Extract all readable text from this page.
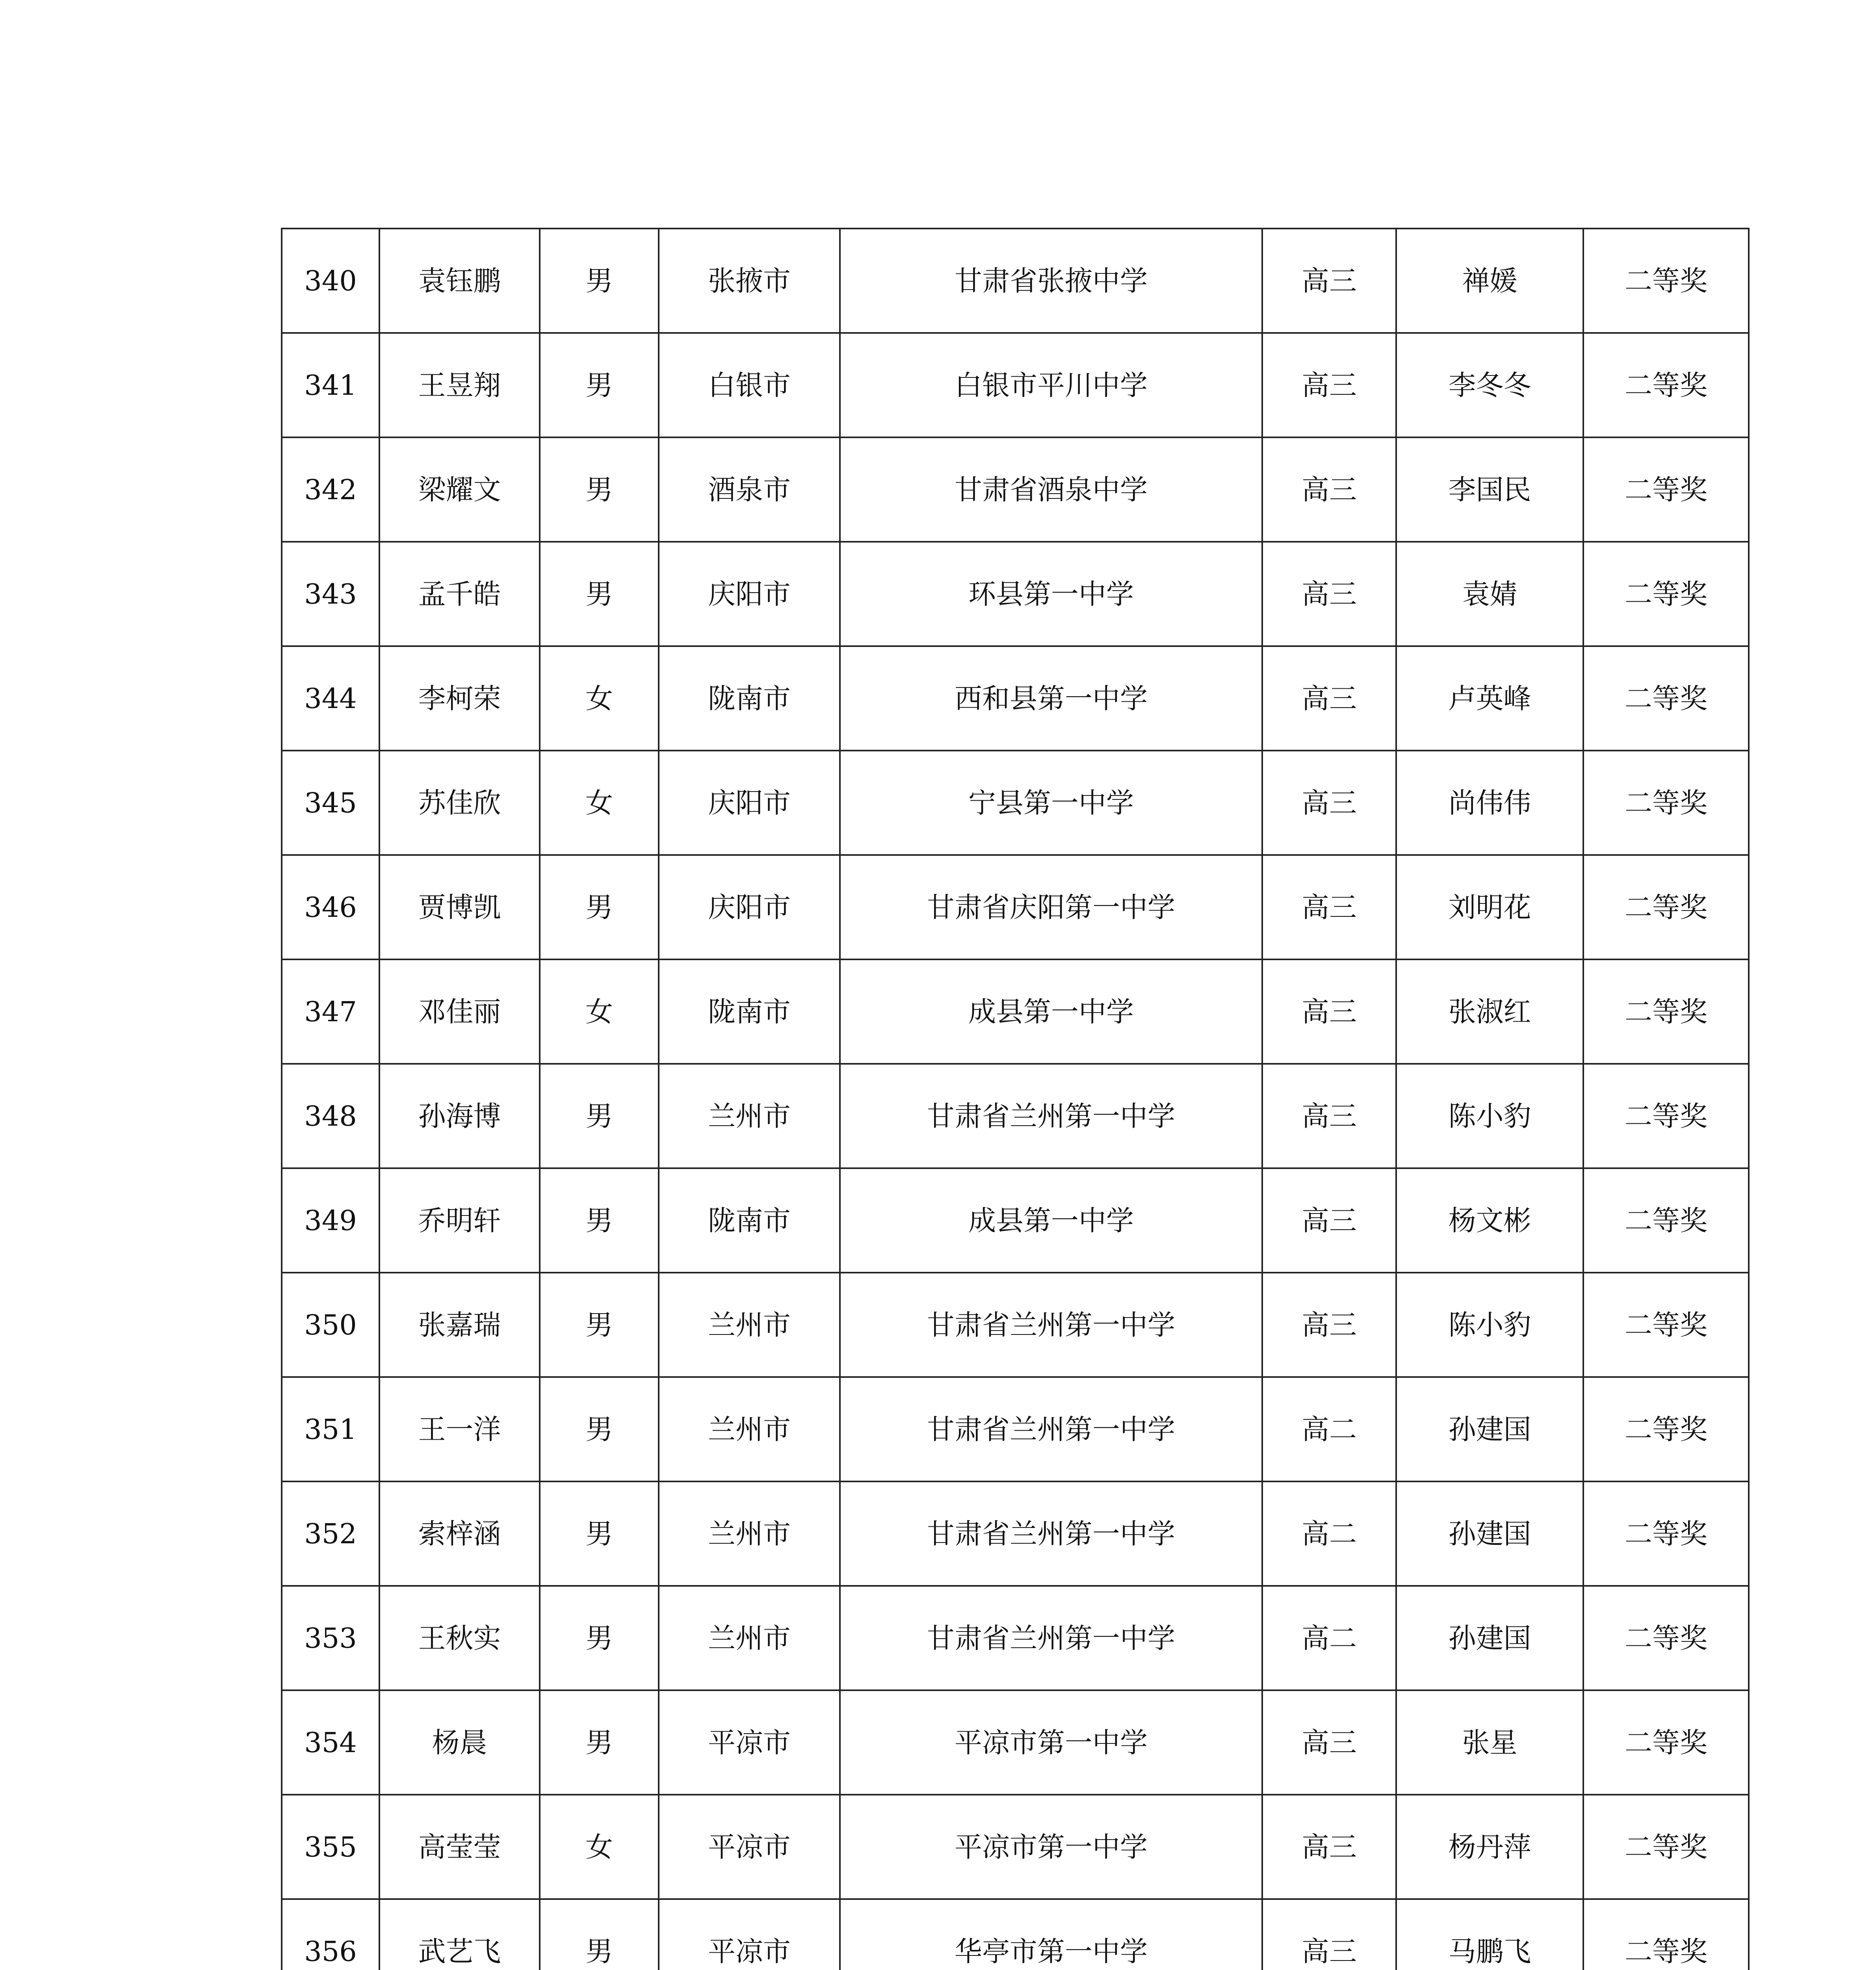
340	袁钰鹏	男	张掖市	甘肃省张掖中学	高三	禅媛	二等奖
341	王昱翔	男	白银市	白银市平川中学	高三	李冬冬	二等奖
342	梁耀文	男	酒泉市	甘肃省酒泉中学	高三	李国民	二等奖
343	孟千皓	男	庆阳市	环县第一中学	高三	袁婧	二等奖
344	李柯荣	女	陇南市	西和县第一中学	高三	卢英峰	二等奖
345	苏佳欣	女	庆阳市	宁县第一中学	高三	尚伟伟	二等奖
346	贾博凯	男	庆阳市	甘肃省庆阳第一中学	高三	刘明花	二等奖
347	邓佳丽	女	陇南市	成县第一中学	高三	张淑红	二等奖
348	孙海博	男	兰州市	甘肃省兰州第一中学	高三	陈小豹	二等奖
349	乔明轩	男	陇南市	成县第一中学	高三	杨文彬	二等奖
350	张嘉瑞	男	兰州市	甘肃省兰州第一中学	高三	陈小豹	二等奖
351	王一洋	男	兰州市	甘肃省兰州第一中学	高二	孙建国	二等奖
352	索梓涵	男	兰州市	甘肃省兰州第一中学	高二	孙建国	二等奖
353	王秋实	男	兰州市	甘肃省兰州第一中学	高二	孙建国	二等奖
354	杨晨	男	平凉市	平凉市第一中学	高三	张星	二等奖
355	高莹莹	女	平凉市	平凉市第一中学	高三	杨丹萍	二等奖
356	武艺飞	男	平凉市	华亭市第一中学	高三	马鹏飞	二等奖
